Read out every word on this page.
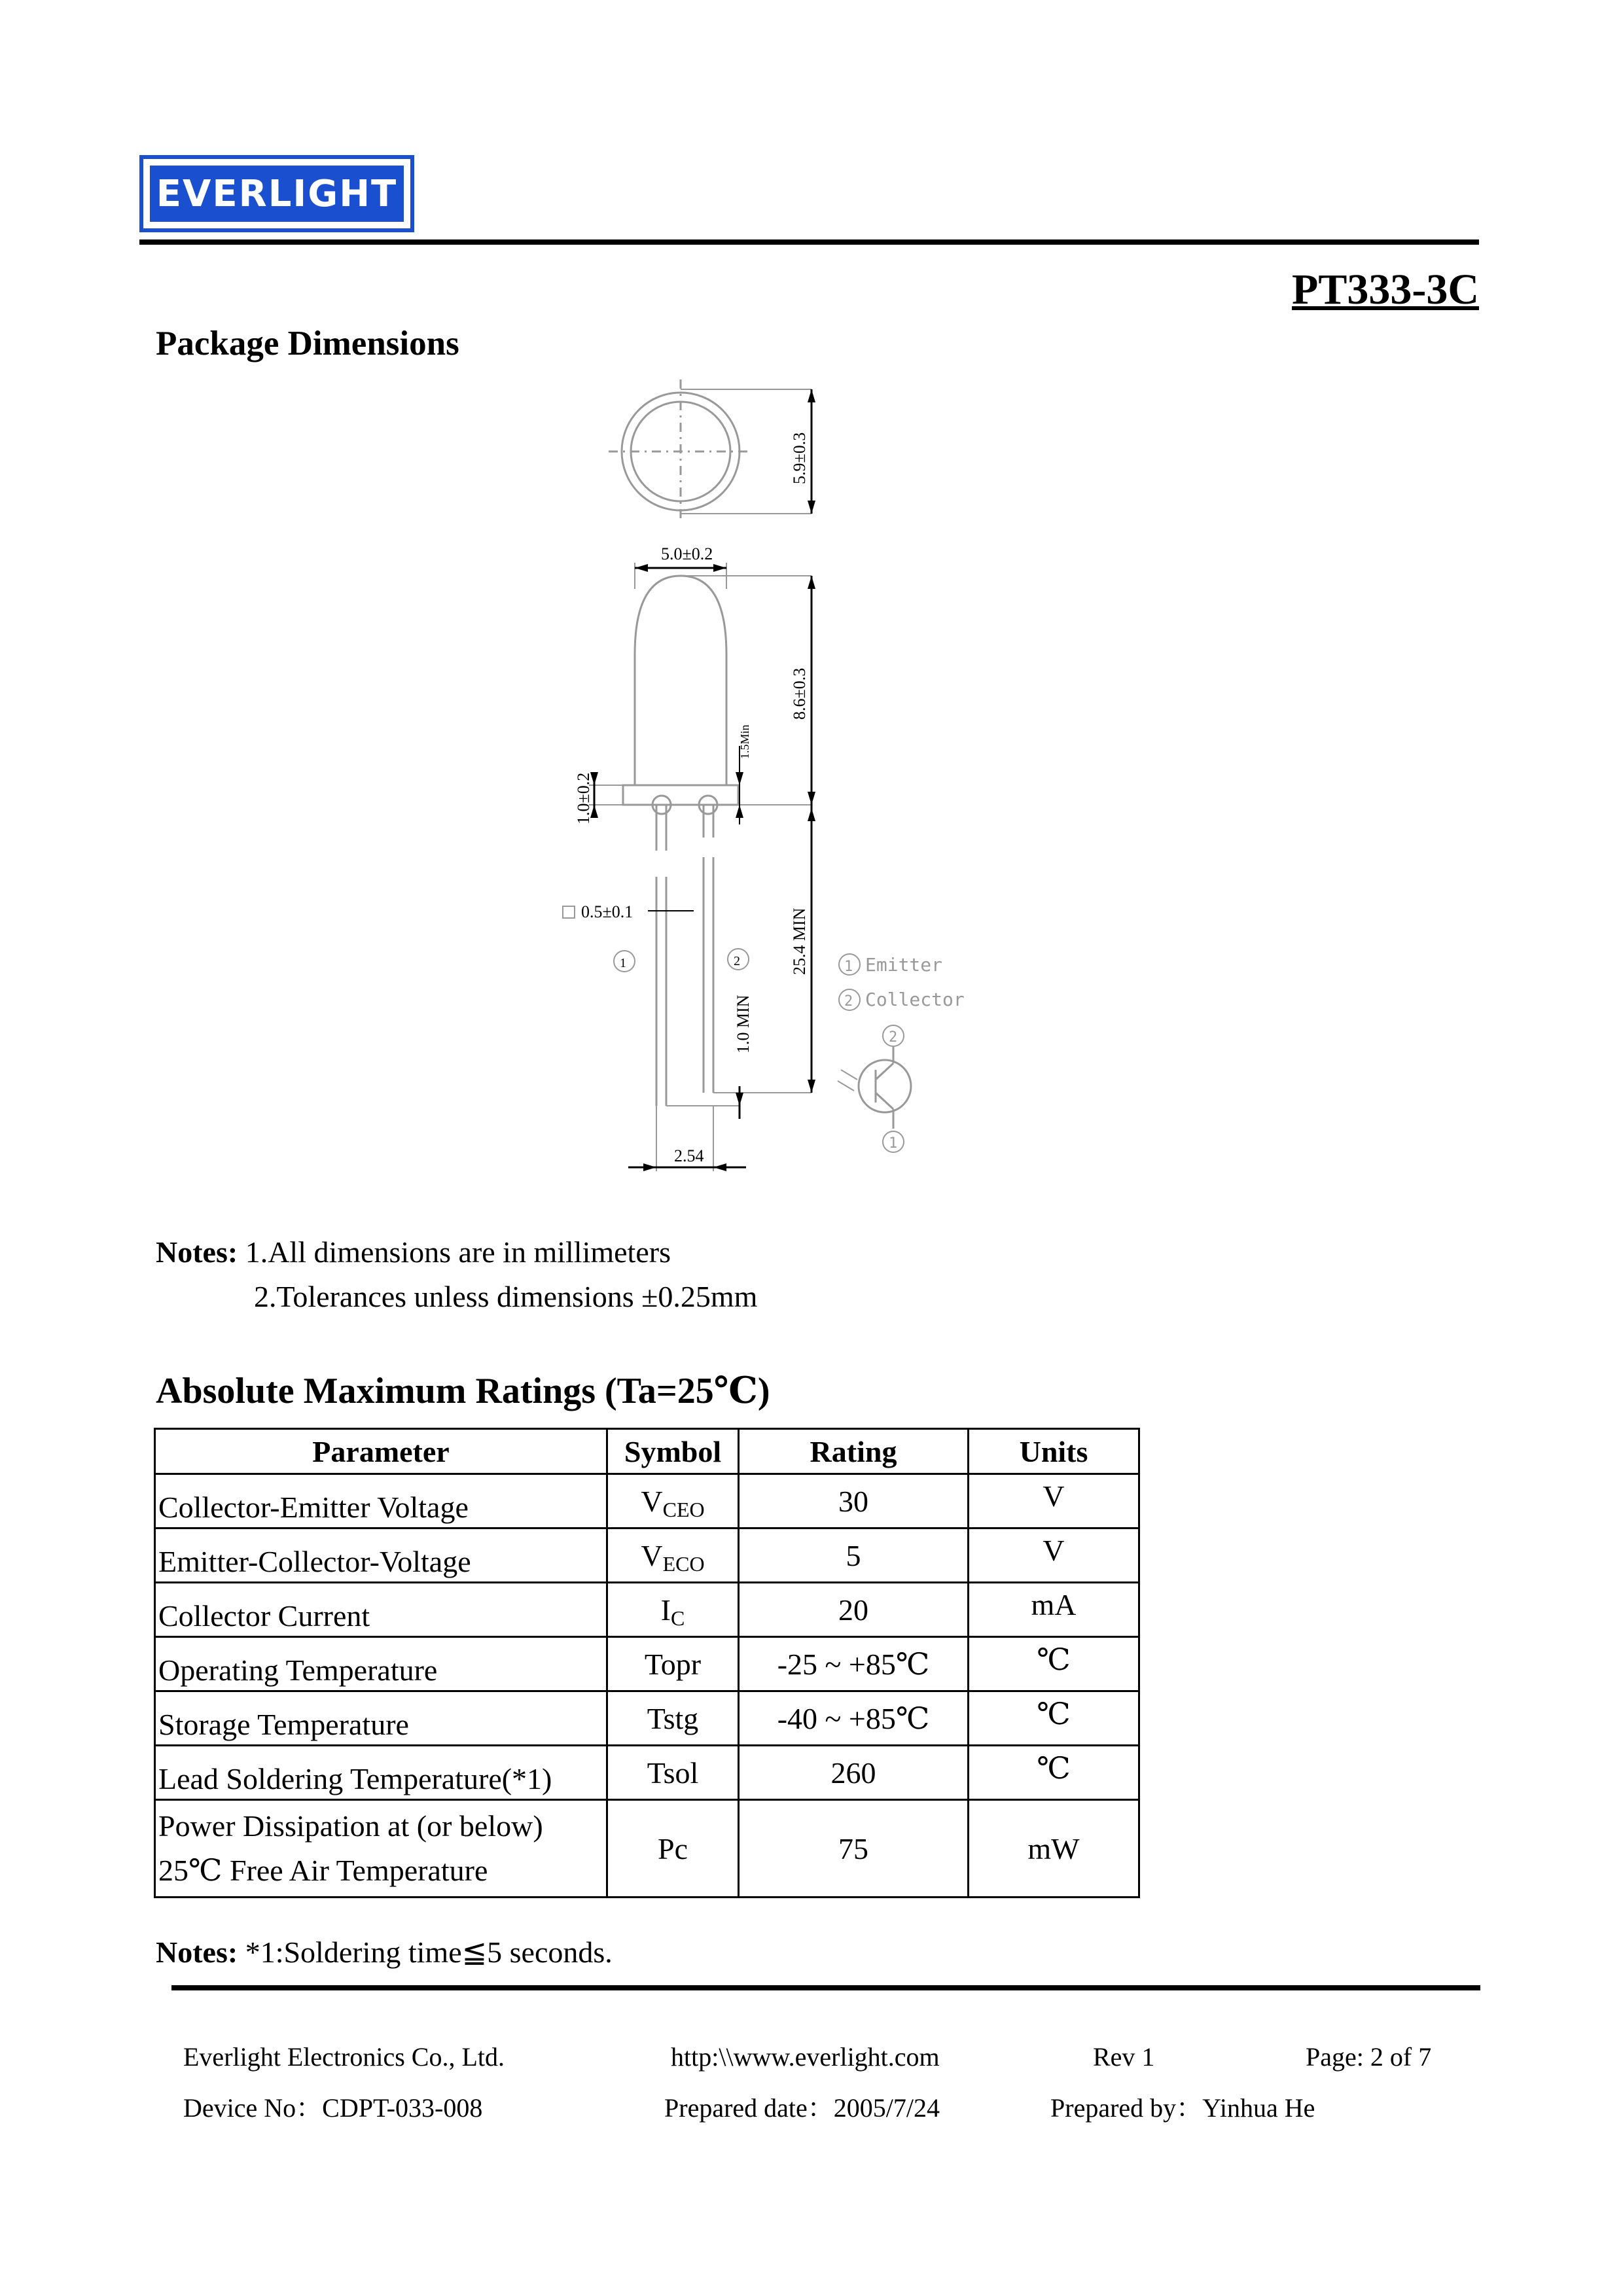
EVERLIGHT
PT333-3C
Package Dimensions
5.9±0.3
5.0±0.2
8.6±0.3
1.5Min
1.0±0.2
0.5±0.1	25.4 MIN
1.0 MIN
2.54
1	2	1 Emitter
2 Collector
2
1
Notes: 1.All dimensions are in millimeters
2.Tolerances unless dimensions ±0.25mm
Absolute Maximum Ratings (Ta=25℃)
Parameter	Symbol	Rating	Units
Collector-Emitter Voltage	$V_{CEO}$	30	V
Emitter-Collector-Voltage	$V_{ECO}$	5	V
Collector Current	$I_C$	20	mA
Operating Temperature	Topr	-25 ~ +85℃	℃
Storage Temperature	Tstg	-40 ~ +85℃	℃
Lead Soldering Temperature(*1)	Tsol	260	℃

Power Dissipation at (or below)
25℃ Free Air Temperature	Pc	75	mW
Notes: *1:Soldering time≦5 seconds.
Everlight Electronics Co., Ltd.	http:\\www.everlight.com	Rev 1	Page: 2 of 7
Device No：CDPT-033-008	Prepared date：2005/7/24	Prepared by：Yinhua He
